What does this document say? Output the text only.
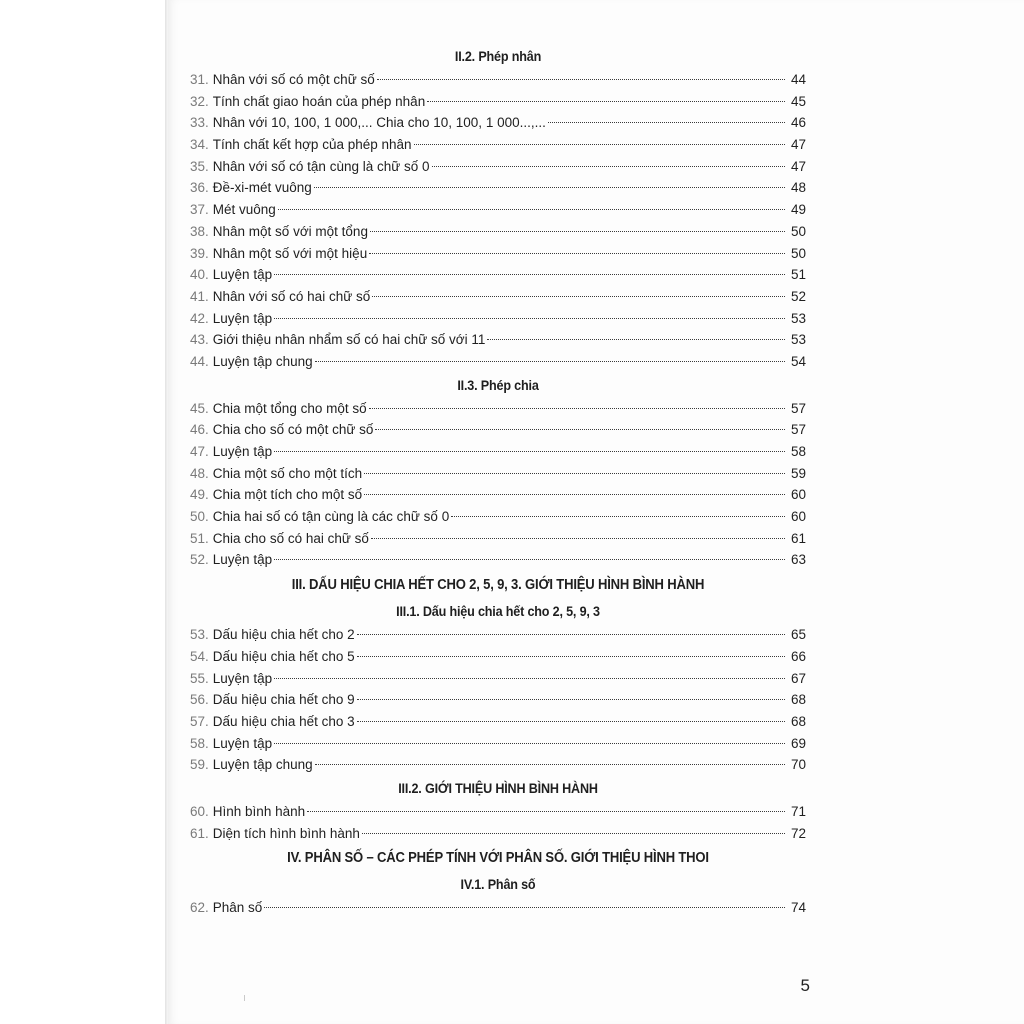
II.2. Phép nhân
31. Nhân với số có một chữ số	44
32. Tính chất giao hoán của phép nhân	45
33. Nhân với 10, 100, 1 000,... Chia cho 10, 100, 1 000...,...	46
34. Tính chất kết hợp của phép nhân	47
35. Nhân với số có tận cùng là chữ số 0	47
36. Đề-xi-mét vuông	48
37. Mét vuông	49
38. Nhân một số với một tổng	50
39. Nhân một số với một hiệu	50
40. Luyện tập	51
41. Nhân với số có hai chữ số	52
42. Luyện tập	53
43. Giới thiệu nhân nhẩm số có hai chữ số với 11	53
44. Luyện tập chung	54
II.3. Phép chia
45. Chia một tổng cho một số	57
46. Chia cho số có một chữ số	57
47. Luyện tập	58
48. Chia một số cho một tích	59
49. Chia một tích cho một số	60
50. Chia hai số có tận cùng là các chữ số 0	60
51. Chia cho số có hai chữ số	61
52. Luyện tập	63
III. DẤU HIỆU CHIA HẾT CHO 2, 5, 9, 3. GIỚI THIỆU HÌNH BÌNH HÀNH
III.1. Dấu hiệu chia hết cho 2, 5, 9, 3
53. Dấu hiệu chia hết cho 2	65
54. Dấu hiệu chia hết cho 5	66
55. Luyện tập	67
56. Dấu hiệu chia hết cho 9	68
57. Dấu hiệu chia hết cho 3	68
58. Luyện tập	69
59. Luyện tập chung	70
III.2. GIỚI THIỆU HÌNH BÌNH HÀNH
60. Hình bình hành	71
61. Diện tích hình bình hành	72
IV. PHÂN SỐ – CÁC PHÉP TÍNH VỚI PHÂN SỐ. GIỚI THIỆU HÌNH THOI
IV.1. Phân số
62. Phân số	74
5
